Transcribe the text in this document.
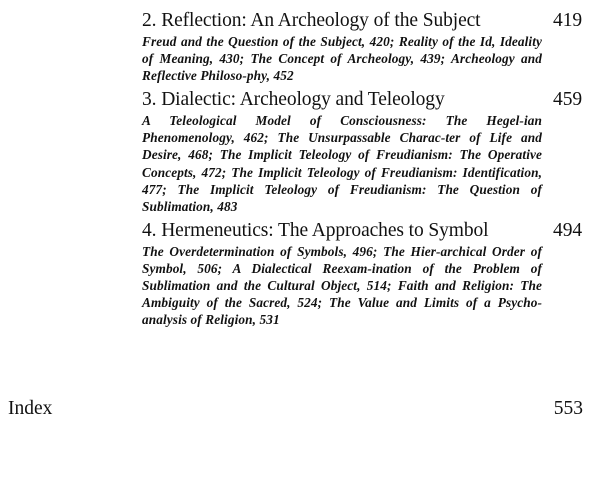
2. Reflection: An Archeology of the Subject	419
Freud and the Question of the Subject, 420; Reality of the Id, Ideality of Meaning, 430; The Concept of Archeology, 439; Archeology and Reflective Philoso-phy, 452
3. Dialectic: Archeology and Teleology	459
A Teleological Model of Consciousness: The Hegel-ian Phenomenology, 462; The Unsurpassable Charac-ter of Life and Desire, 468; The Implicit Teleology of Freudianism: The Operative Concepts, 472; The Implicit Teleology of Freudianism: Identification, 477; The Implicit Teleology of Freudianism: The Question of Sublimation, 483
4. Hermeneutics: The Approaches to Symbol	494
The Overdetermination of Symbols, 496; The Hier-archical Order of Symbol, 506; A Dialectical Reexam-ination of the Problem of Sublimation and the Cultural Object, 514; Faith and Religion: The Ambiguity of the Sacred, 524; The Value and Limits of a Psycho-analysis of Religion, 531
Index	553
